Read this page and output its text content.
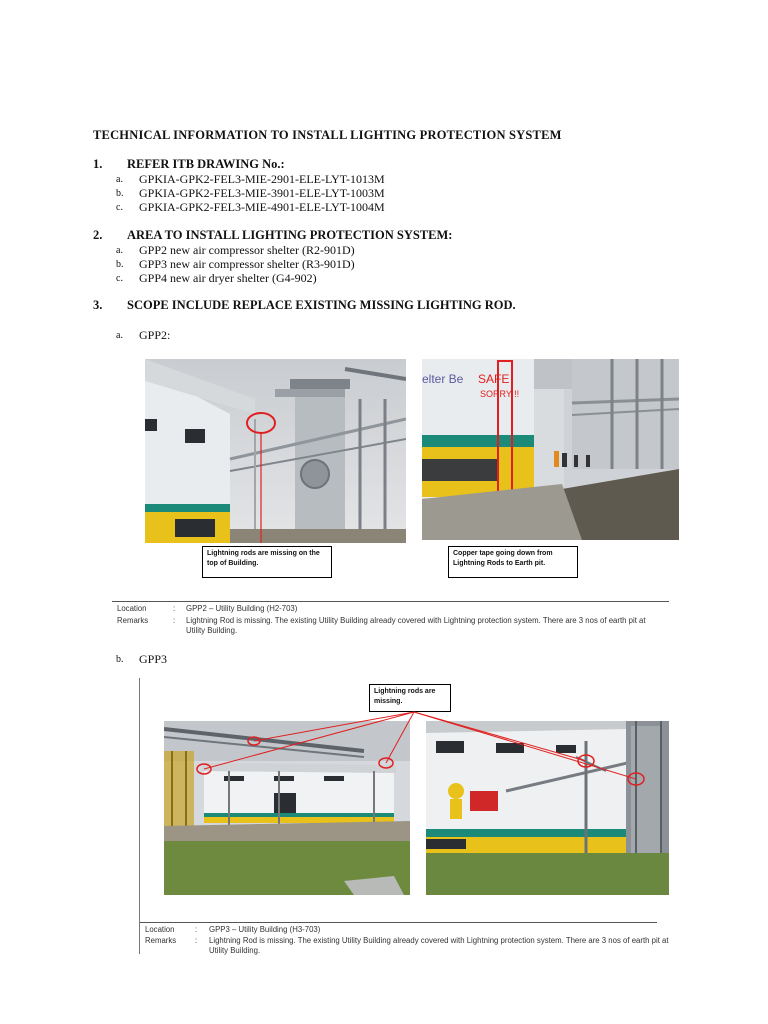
TECHNICAL INFORMATION TO INSTALL LIGHTING PROTECTION SYSTEM
1. REFER ITB DRAWING No.:
a. GPKIA-GPK2-FEL3-MIE-2901-ELE-LYT-1013M
b. GPKIA-GPK2-FEL3-MIE-3901-ELE-LYT-1003M
c. GPKIA-GPK2-FEL3-MIE-4901-ELE-LYT-1004M
2. AREA TO INSTALL LIGHTING PROTECTION SYSTEM:
a. GPP2 new air compressor shelter (R2-901D)
b. GPP3 new air compressor shelter (R3-901D)
c. GPP4 new air dryer shelter (G4-902)
3. SCOPE INCLUDE REPLACE EXISTING MISSING LIGHTING ROD.
a. GPP2:
elter Be SAFE
SORRY !!
Lightning rods are missing on the top of Building.
Copper tape going down from Lightning Rods to Earth pit.
Location	: GPP2 – Utility Building (H2-703)
Remarks	: Lightning Rod is missing. The existing Utility Building already covered with Lightning protection system. There are 3 nos of earth pit at
Utility Building.
b. GPP3
Lightning rods are missing.
Location	: GPP3 – Utility Building (H3-703)
Remarks : Lightning Rod is missing. The existing Utility Building already covered with Lightning protection system. There are 3 nos of earth pit at
Utility Building.
